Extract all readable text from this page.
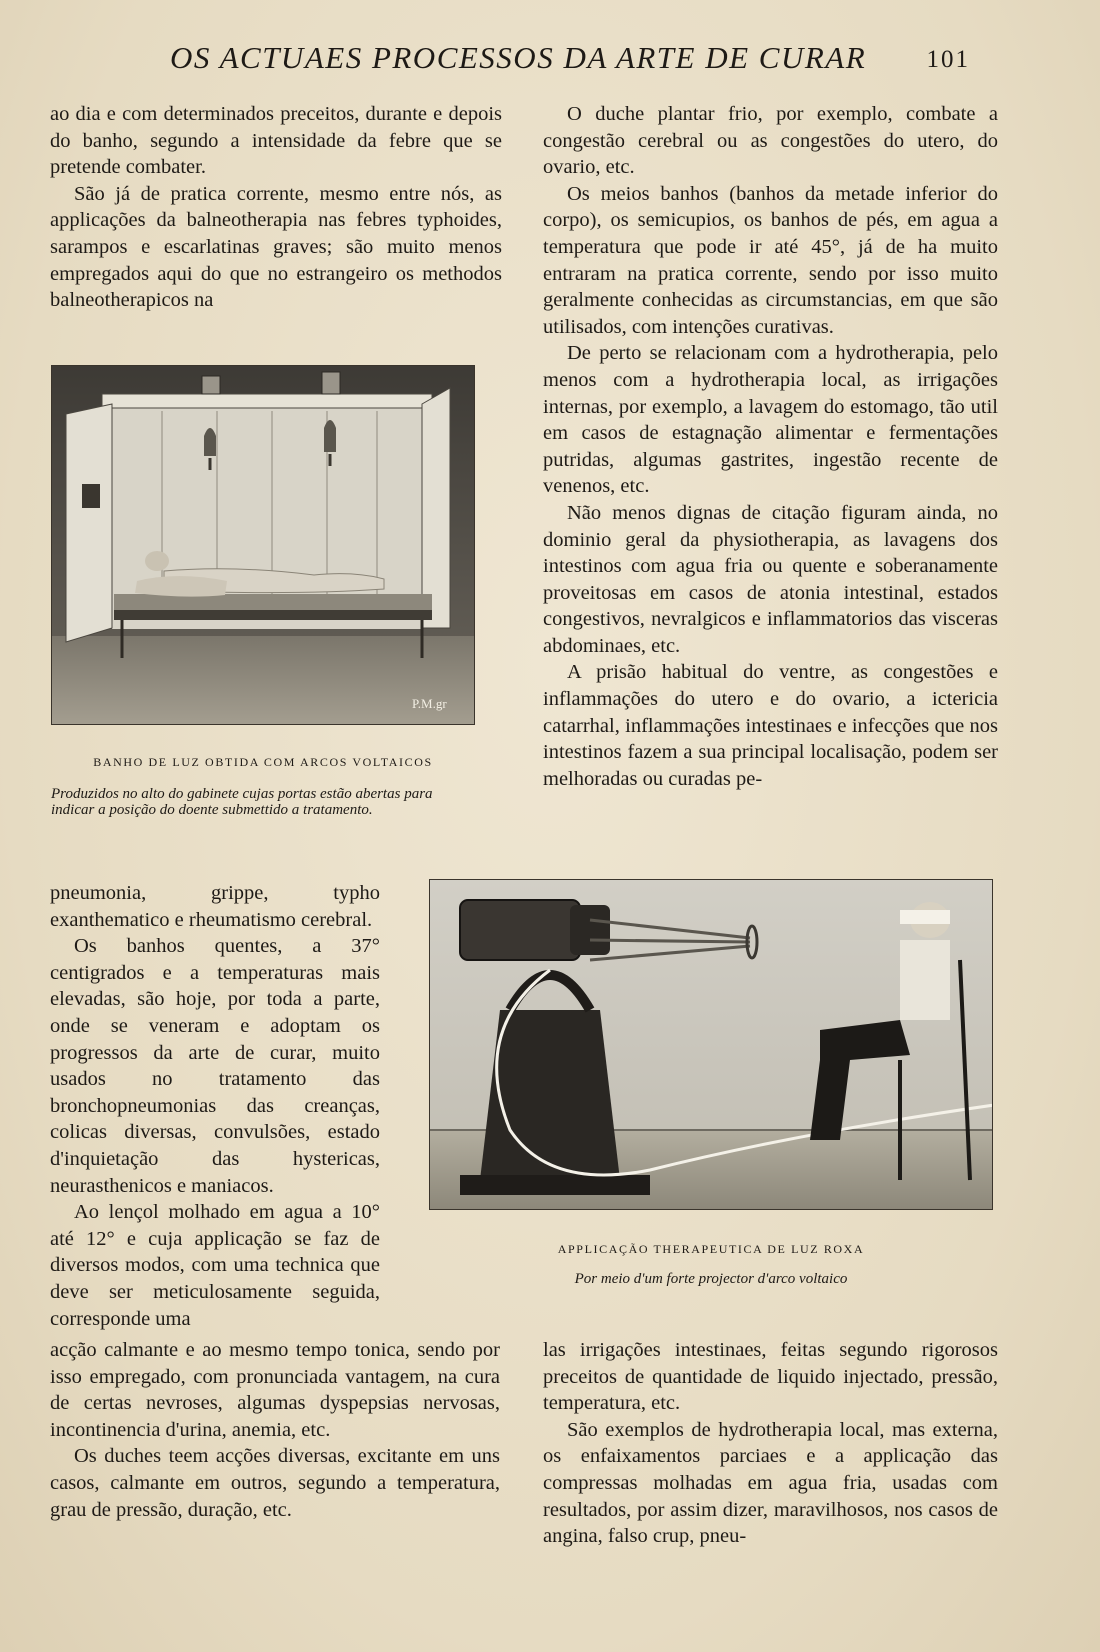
OS ACTUAES PROCESSOS DA ARTE DE CURAR 101

ao dia e com determinados preceitos, durante e depois do banho, segundo a intensidade da febre que se pretende combater.

São já de pratica corrente, mesmo entre nós, as applicações da balneotherapia nas febres typhoides, sarampos e escarlatinas graves; são muito menos empregados aqui do que no estrangeiro os methodos balneotherapicos na

P.M.gr
BANHO DE LUZ OBTIDA COM ARCOS VOLTAICOS
Produzidos no alto do gabinete cujas portas estão abertas para indicar a posição do doente submettido a tratamento.

O duche plantar frio, por exemplo, combate a congestão cerebral ou as congestões do utero, do ovario, etc.

Os meios banhos (banhos da metade inferior do corpo), os semicupios, os banhos de pés, em agua a temperatura que pode ir até 45°, já de ha muito entraram na pratica corrente, sendo por isso muito geralmente conhecidas as circumstancias, em que são utilisados, com intenções curativas.

De perto se relacionam com a hydrotherapia, pelo menos com a hydrotherapia local, as irrigações internas, por exemplo, a lavagem do estomago, tão util em casos de estagnação alimentar e fermentações putridas, algumas gastrites, ingestão recente de venenos, etc.

Não menos dignas de citação figuram ainda, no dominio geral da physiotherapia, as lavagens dos intestinos com agua fria ou quente e soberanamente proveitosas em casos de atonia intestinal, estados congestivos, nevralgicos e inflammatorios das visceras abdominaes, etc.

A prisão habitual do ventre, as congestões e inflammações do utero e do ovario, a ictericia catarrhal, inflammações intestinaes e infecções que nos intestinos fazem a sua principal localisação, podem ser melhoradas ou curadas pe-

pneumonia, grippe, typho exanthematico e rheumatismo cerebral.

Os banhos quentes, a 37° centigrados e a temperaturas mais elevadas, são hoje, por toda a parte, onde se veneram e adoptam os progressos da arte de curar, muito usados no tratamento das bronchopneumonias das creanças, colicas diversas, convulsões, estado d'inquietação das hystericas, neurasthenicos e maniacos.

Ao lençol molhado em agua a 10° até 12° e cuja applicação se faz de diversos modos, com uma technica que deve ser meticulosamente seguida, corresponde uma

APPLICAÇÃO THERAPEUTICA DE LUZ ROXA
Por meio d'um forte projector d'arco voltaico

acção calmante e ao mesmo tempo tonica, sendo por isso empregado, com pronunciada vantagem, na cura de certas nevroses, algumas dyspepsias nervosas, incontinencia d'urina, anemia, etc.

Os duches teem acções diversas, excitante em uns casos, calmante em outros, segundo a temperatura, grau de pressão, duração, etc.

las irrigações intestinaes, feitas segundo rigorosos preceitos de quantidade de liquido injectado, pressão, temperatura, etc.

São exemplos de hydrotherapia local, mas externa, os enfaixamentos parciaes e a applicação das compressas molhadas em agua fria, usadas com resultados, por assim dizer, maravilhosos, nos casos de angina, falso crup, pneu-
